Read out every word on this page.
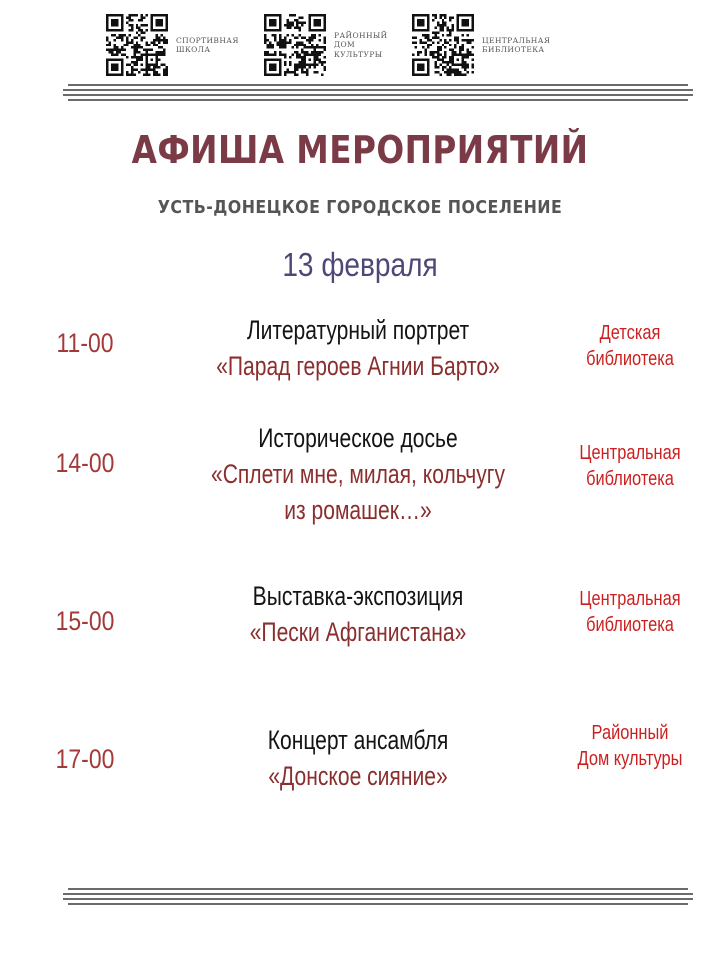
СПОРТИВНАЯ
ШКОЛА
РАЙОННЫЙ
ДОМ
КУЛЬТУРЫ
ЦЕНТРАЛЬНАЯ
БИБЛИОТЕКА
АФИША МЕРОПРИЯТИЙ
УСТЬ-ДОНЕЦКОЕ ГОРОДСКОЕ ПОСЕЛЕНИЕ
13 февраля
11-00	Литературный портрет
«Парад героев Агнии Барто»
Детская
библиотека
14-00
Историческое досье
«Сплети мне, милая, кольчугу
из ромашек…»
Центральная
библиотека
15-00
Выставка-экспозиция
«Пески Афганистана»
Центральная
библиотека
17-00
Концерт ансамбля
«Донское сияние»
Районный
Дом культуры
